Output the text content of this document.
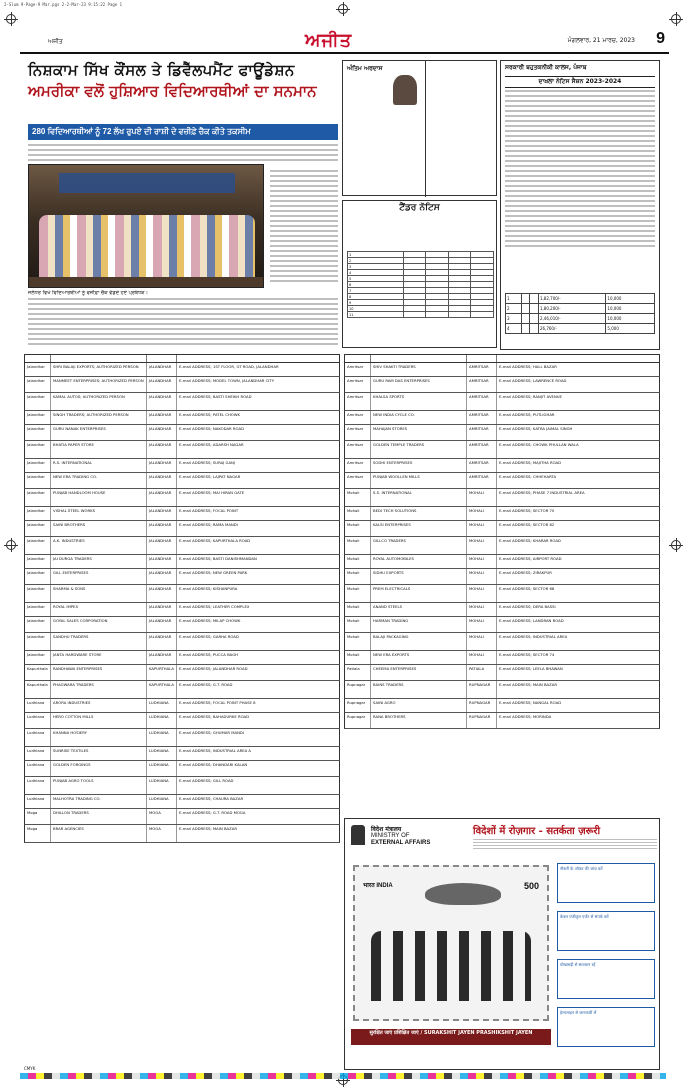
2-Slum 9-Page-9 Mar.pgs 2-2-Mar-23 9:15:22 Page 1
ਅਜੀਤ	ਅਜੀਤ	ਮੰਗਲਵਾਰ, 21 ਮਾਰਚ, 2023 9
ਨਿਸ਼ਕਾਮ ਸਿੱਖ ਕੌਂਸਲ ਤੇ ਡਿਵੈੱਲਪਮੈਂਟ ਫਾਊਂਡੇਸ਼ਨ
ਅਮਰੀਕਾ ਵਲੋਂ ਹੁਸ਼ਿਆਰ ਵਿਦਿਆਰਥੀਆਂ ਦਾ ਸਨਮਾਨ
280 ਵਿਦਿਆਰਥੀਆਂ ਨੂੰ 72 ਲੱਖ ਰੁਪਏ ਦੀ ਰਾਸ਼ੀ ਦੇ ਵਜ਼ੀਫ਼ੇ ਚੈਕ ਕੀਤੇ ਤਕਸੀਮ
ਜਲੰਧਰ ਵਿਖੇ ਵਿਦਿਆਰਥੀਆਂ ਨੂੰ ਵਜ਼ੀਫ਼ਾ ਚੈਕ ਵੰਡਦੇ ਹੋਏ ਪ੍ਰਬੰਧਕ।
ਅੰਤਿਮ ਅਰਦਾਸ
ਟੈਂਡਰ ਨੋਟਿਸ
1				
2				
3				
4				
5				
6				
7				
8				
9				
10				
11				
ਸਰਕਾਰੀ ਬਹੁਤਕਨੀਕੀ ਕਾਲਜ, ਪੰਜਾਬ
ਦਾਖ਼ਲਾ ਨੋਟਿਸ ਸੈਸ਼ਨ 2023-2024
1			1,82,700/-	10,000
2			1,80,200/-	10,000
3			2,46,010/-	10,000
4			26,760/-	5,000
Jalandhar	SHRI BALAJI EXPORTS; AUTHORIZED PERSON	JALANDHAR	E-mail ADDRESS; 1ST FLOOR, GT ROAD, JALANDHAR
Jalandhar	MANMEET ENTERPRISES; AUTHORIZED PERSON	JALANDHAR	E-mail ADDRESS; MODEL TOWN, JALANDHAR CITY
Jalandhar	KAMAL AUTOS; AUTHORIZED PERSON	JALANDHAR	E-mail ADDRESS; BASTI SHEIKH ROAD
Jalandhar	SINGH TRADERS; AUTHORIZED PERSON	JALANDHAR	E-mail ADDRESS; PATEL CHOWK
Jalandhar	GURU NANAK ENTERPRISES	JALANDHAR	E-mail ADDRESS; NAKODAR ROAD
Jalandhar	BHATIA PAPER STORE	JALANDHAR	E-mail ADDRESS; ADARSH NAGAR
Jalandhar	R.S. INTERNATIONAL	JALANDHAR	E-mail ADDRESS; SURAJ GANJ
Jalandhar	NEW ERA TRADING CO.	JALANDHAR	E-mail ADDRESS; LAJPAT NAGAR
Jalandhar	PUNJAB HANDLOOM HOUSE	JALANDHAR	E-mail ADDRESS; MAI HIRAN GATE
Jalandhar	VISHAL STEEL WORKS	JALANDHAR	E-mail ADDRESS; FOCAL POINT
Jalandhar	SAINI BROTHERS	JALANDHAR	E-mail ADDRESS; RAMA MANDI
Jalandhar	A.K. INDUSTRIES	JALANDHAR	E-mail ADDRESS; KAPURTHALA ROAD
Jalandhar	JAI DURGA TRADERS	JALANDHAR	E-mail ADDRESS; BASTI DANISHMANDAN
Jalandhar	GILL ENTERPRISES	JALANDHAR	E-mail ADDRESS; NEW GREEN PARK
Jalandhar	SHARMA & SONS	JALANDHAR	E-mail ADDRESS; KISHANPURA
Jalandhar	ROYAL IMPEX	JALANDHAR	E-mail ADDRESS; LEATHER COMPLEX
Jalandhar	GOYAL SALES CORPORATION	JALANDHAR	E-mail ADDRESS; MILAP CHOWK
Jalandhar	SANDHU TRADERS	JALANDHAR	E-mail ADDRESS; GARHA ROAD
Jalandhar	JANTA HARDWARE STORE	JALANDHAR	E-mail ADDRESS; PUCCA BAGH
Kapurthala	RANDHAWA ENTERPRISES	KAPURTHALA	E-mail ADDRESS; JALANDHAR ROAD
Kapurthala	PHAGWARA TRADERS	KAPURTHALA	E-mail ADDRESS; G.T. ROAD
Ludhiana	ARORA INDUSTRIES	LUDHIANA	E-mail ADDRESS; FOCAL POINT PHASE 8
Ludhiana	HERO COTTON MILLS	LUDHIANA	E-mail ADDRESS; BAHADURKE ROAD
Ludhiana	KHANNA HOSIERY	LUDHIANA	E-mail ADDRESS; GHUMAR MANDI
Ludhiana	SUNRISE TEXTILES	LUDHIANA	E-mail ADDRESS; INDUSTRIAL AREA A
Ludhiana	GOLDEN FORGINGS	LUDHIANA	E-mail ADDRESS; DHANDARI KALAN
Ludhiana	PUNJAB AGRO TOOLS	LUDHIANA	E-mail ADDRESS; GILL ROAD
Ludhiana	MALHOTRA TRADING CO.	LUDHIANA	E-mail ADDRESS; CHAURA BAZAR
Moga	DHILLON TRADERS	MOGA	E-mail ADDRESS; G.T. ROAD MOGA
Moga	BRAR AGENCIES	MOGA	E-mail ADDRESS; MAIN BAZAR
Amritsar	SHIV SHAKTI TRADERS	AMRITSAR	E-mail ADDRESS; HALL BAZAR
Amritsar	GURU RAM DAS ENTERPRISES	AMRITSAR	E-mail ADDRESS; LAWRENCE ROAD
Amritsar	KHALSA SPORTS	AMRITSAR	E-mail ADDRESS; RANJIT AVENUE
Amritsar	NEW INDIA CYCLE CO.	AMRITSAR	E-mail ADDRESS; PUTLIGHAR
Amritsar	MAHAJAN STORES	AMRITSAR	E-mail ADDRESS; KATRA JAIMAL SINGH
Amritsar	GOLDEN TEMPLE TRADERS	AMRITSAR	E-mail ADDRESS; CHOWK PHULLAN WALA
Amritsar	SODHI ENTERPRISES	AMRITSAR	E-mail ADDRESS; MAJITHA ROAD
Amritsar	PUNJAB WOOLLEN MILLS	AMRITSAR	E-mail ADDRESS; CHHEHARTA
Mohali	S.S. INTERNATIONAL	MOHALI	E-mail ADDRESS; PHASE 7 INDUSTRIAL AREA
Mohali	BEDI TECH SOLUTIONS	MOHALI	E-mail ADDRESS; SECTOR 70
Mohali	KALSI ENTERPRISES	MOHALI	E-mail ADDRESS; SECTOR 82
Mohali	GILLCO TRADERS	MOHALI	E-mail ADDRESS; KHARAR ROAD
Mohali	ROYAL AUTOMOBILES	MOHALI	E-mail ADDRESS; AIRPORT ROAD
Mohali	SIDHU EXPORTS	MOHALI	E-mail ADDRESS; ZIRAKPUR
Mohali	PREM ELECTRICALS	MOHALI	E-mail ADDRESS; SECTOR 68
Mohali	ANAND STEELS	MOHALI	E-mail ADDRESS; DERA BASSI
Mohali	HARMAN TRADING	MOHALI	E-mail ADDRESS; LANDRAN ROAD
Mohali	BALAJI PACKAGING	MOHALI	E-mail ADDRESS; INDUSTRIAL AREA
Mohali	NEW ERA EXPORTS	MOHALI	E-mail ADDRESS; SECTOR 74
Patiala	CHEEMA ENTERPRISES	PATIALA	E-mail ADDRESS; LEELA BHAWAN
Rupnagar	BAINS TRADERS	RUPNAGAR	E-mail ADDRESS; MAIN BAZAR
Rupnagar	SAINI AGRO	RUPNAGAR	E-mail ADDRESS; NANGAL ROAD
Rupnagar	RANA BROTHERS	RUPNAGAR	E-mail ADDRESS; MORINDA
विदेश मंत्रालय
MINISTRY OF
EXTERNAL AFFAIRS
विदेशों में रोज़गार - सतर्कता ज़रूरी
भारत INDIA	500
सुरक्षित जाएं प्रशिक्षित जाएं / SURAKSHIT JAYEN PRASHIKSHIT JAYEN
नौकरी के ऑफ़र की जांच करें
केवल पंजीकृत एजेंट से संपर्क करें
धोखाधड़ी से सावधान रहें
हेल्पलाइन से जानकारी लें
CMYK
